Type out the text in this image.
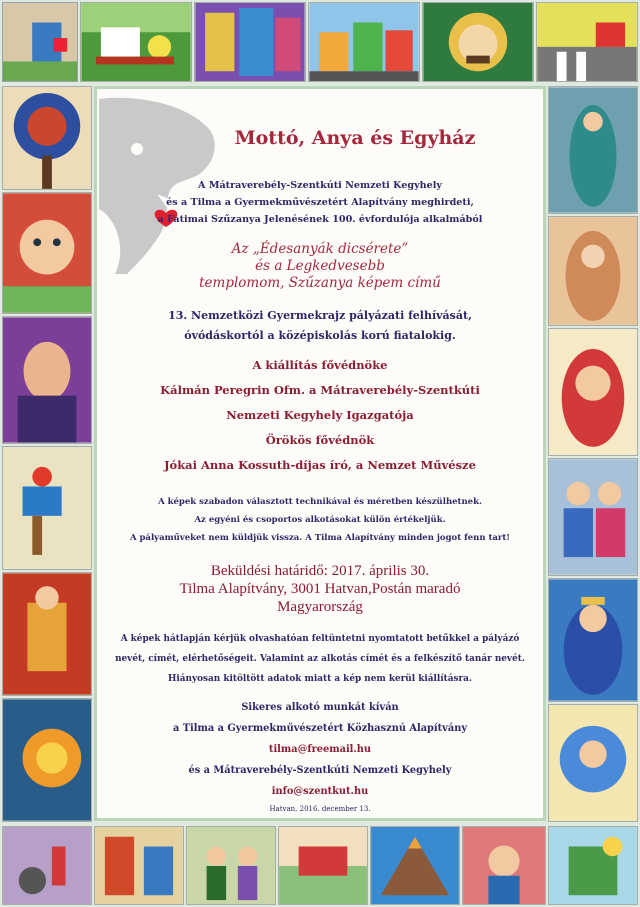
Mottó, Anya és Egyház
A Mátraverebély-Szentkúti Nemzeti Kegyhely
és a Tilma a Gyermekművészetért Alapítvány meghirdeti,
a Fatimai Szűzanya Jelenésének 100. évfordulója alkalmából
Az „Édesanyák dicsérete”
és a Legkedvesebb
templomom, Szűzanya képem című
13. Nemzetközi Gyermekrajz pályázati felhívását,
óvódáskortól a középiskolás korú fiatalokig.
A kiállítás fővédnöke
Kálmán Peregrin Ofm. a Mátraverebély-Szentkúti
Nemzeti Kegyhely Igazgatója
Örökös fővédnök
Jókai Anna Kossuth-díjas író, a Nemzet Művésze
A képek szabadon választott technikával és méretben készülhetnek.
Az egyéni és csoportos alkotásokat külön értékeljük.
A pályaműveket nem küldjük vissza. A Tilma Alapítvány minden jogot fenn tart!
Beküldési határidő: 2017. április 30.
Tilma Alapítvány, 3001 Hatvan,Postán maradó
Magyarország
A képek hátlapján kérjük olvashatóan feltüntetni nyomtatott betűkkel a pályázó
nevét, címét, elérhetőségeit. Valamint az alkotás címét és a felkészítő tanár nevét.
Hiányosan kitöltött adatok miatt a kép nem kerül kiállításra.
Sikeres alkotó munkát kíván
a Tilma a Gyermekművészetért Közhasznú Alapítvány
tilma@freemail.hu
és a Mátraverebély-Szentkúti Nemzeti Kegyhely
info@szentkut.hu
Hatvan, 2016. december 13.
